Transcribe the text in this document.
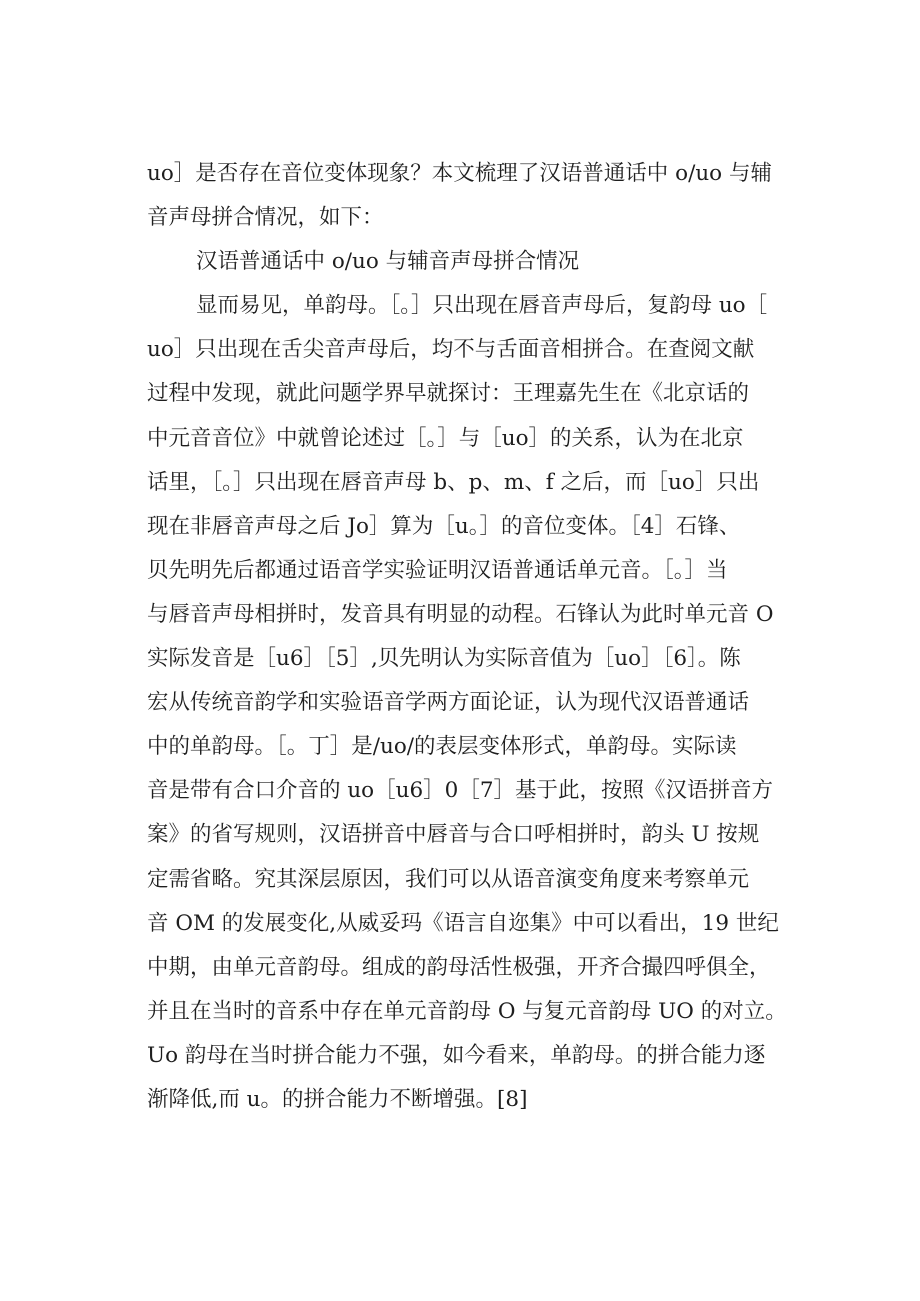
uo］是否存在音位变体现象？本文梳理了汉语普通话中 o/uo 与辅
音声母拼合情况，如下：
汉语普通话中 o/uo 与辅音声母拼合情况
显而易见，单韵母。［。］只出现在唇音声母后，复韵母 uo［
uo］只出现在舌尖音声母后，均不与舌面音相拼合。在查阅文献
过程中发现，就此问题学界早就探讨：王理嘉先生在《北京话的
中元音音位》中就曾论述过［。］与［uo］的关系，认为在北京
话里，［。］只出现在唇音声母 b、p、m、f 之后，而［uo］只出
现在非唇音声母之后 Jo］算为［u。］的音位变体。［4］石锋、
贝先明先后都通过语音学实验证明汉语普通话单元音。［。］当
与唇音声母相拼时，发音具有明显的动程。石锋认为此时单元音 O
实际发音是［u6］［5］,贝先明认为实际音值为［uo］［6］。陈
宏从传统音韵学和实验语音学两方面论证，认为现代汉语普通话
中的单韵母。［。丁］是/uo/的表层变体形式，单韵母。实际读
音是带有合口介音的 uo［u6］0［7］基于此，按照《汉语拼音方
案》的省写规则，汉语拼音中唇音与合口呼相拼时，韵头 U 按规
定需省略。究其深层原因，我们可以从语音演变角度来考察单元
音 OM 的发展变化,从威妥玛《语言自迩集》中可以看出，19 世纪
中期，由单元音韵母。组成的韵母活性极强，开齐合撮四呼俱全，
并且在当时的音系中存在单元音韵母 O 与复元音韵母 UO 的对立。
Uo 韵母在当时拼合能力不强，如今看来，单韵母。的拼合能力逐
渐降低,而 u。的拼合能力不断增强。[8]
